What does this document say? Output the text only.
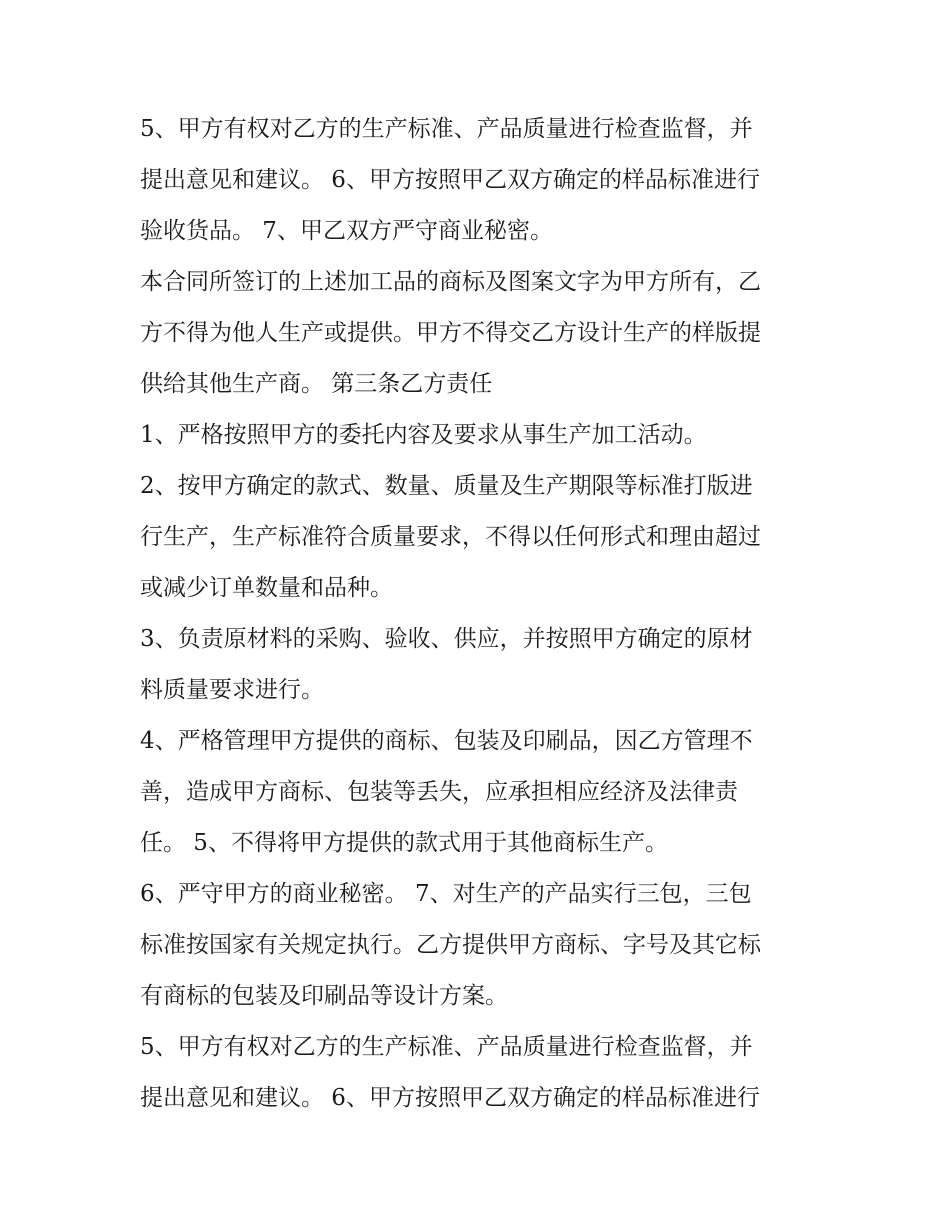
5、甲方有权对乙方的生产标准、产品质量进行检查监督，并
提出意见和建议。 6、甲方按照甲乙双方确定的样品标准进行
验收货品。 7、甲乙双方严守商业秘密。

本合同所签订的上述加工品的商标及图案文字为甲方所有，乙
方不得为他人生产或提供。甲方不得交乙方设计生产的样版提
供给其他生产商。 第三条乙方责任

1、严格按照甲方的委托内容及要求从事生产加工活动。

2、按甲方确定的款式、数量、质量及生产期限等标准打版进
行生产，生产标准符合质量要求，不得以任何形式和理由超过
或减少订单数量和品种。

3、负责原材料的采购、验收、供应，并按照甲方确定的原材
料质量要求进行。

4、严格管理甲方提供的商标、包装及印刷品，因乙方管理不
善，造成甲方商标、包装等丢失，应承担相应经济及法律责
任。 5、不得将甲方提供的款式用于其他商标生产。

6、严守甲方的商业秘密。 7、对生产的产品实行三包，三包
标准按国家有关规定执行。乙方提供甲方商标、字号及其它标
有商标的包装及印刷品等设计方案。

5、甲方有权对乙方的生产标准、产品质量进行检查监督，并
提出意见和建议。 6、甲方按照甲乙双方确定的样品标准进行
